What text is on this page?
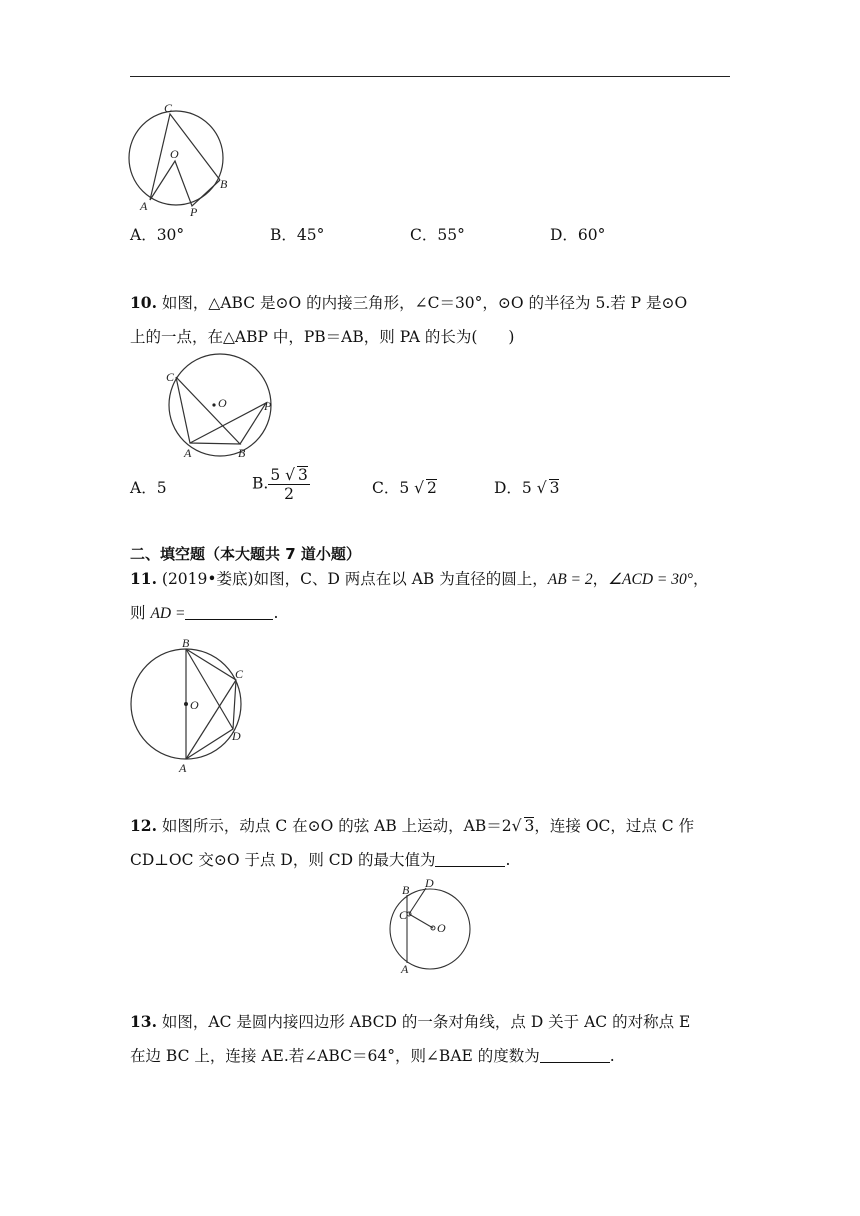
C
O
A
B
P
A．30°	B．45°	C．55°	D．60°
10. 如图，△ABC 是⊙O 的内接三角形，∠C＝30°，⊙O 的半径为 5.若 P 是⊙O
上的一点，在△ABP 中，PB＝AB，则 PA 的长为(　　)
C
O	P
A	B
A．5	B. $\frac{5 √ 3}{2}$	C．5 √ 2	D．5 √ 3
二、填空题（本大题共 7 道小题）
11. (2019•娄底)如图，C、D 两点在以 AB 为直径的圆上，AB = 2，∠ACD = 30°，
则 AD =	.
B
C
O
D
A
12. 如图所示，动点 C 在⊙O 的弦 AB 上运动，AB＝2√ 3，连接 OC，过点 C 作
CD⊥OC 交⊙O 于点 D，则 CD 的最大值为	.
B D
C
O
A
13. 如图，AC 是圆内接四边形 ABCD 的一条对角线，点 D 关于 AC 的对称点 E
在边 BC 上，连接 AE.若∠ABC＝64°，则∠BAE 的度数为	.
